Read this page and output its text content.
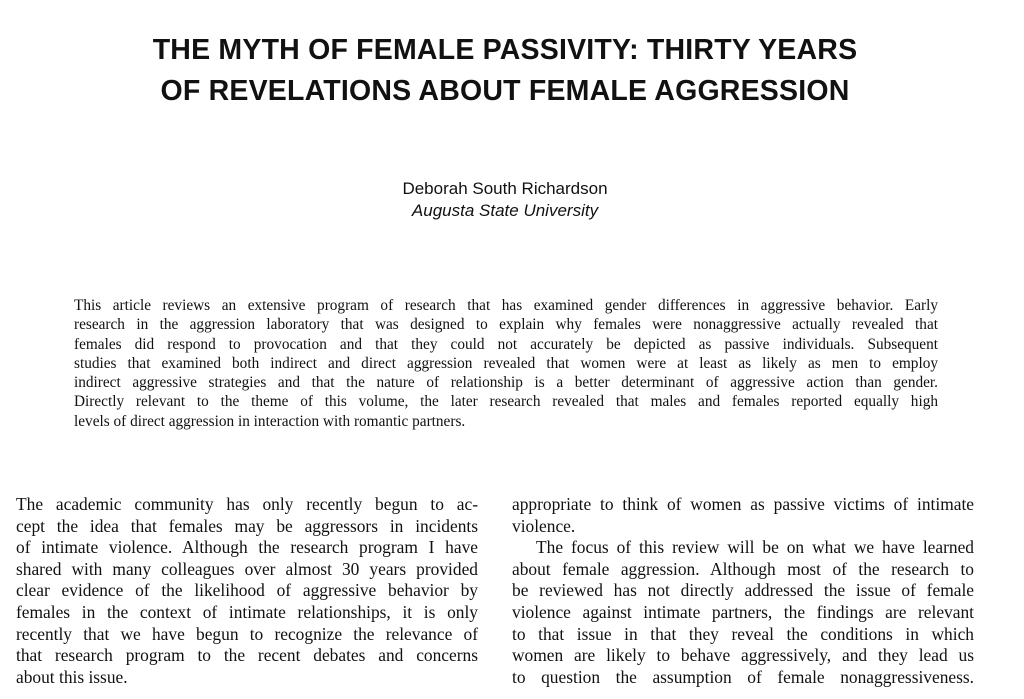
THE MYTH OF FEMALE PASSIVITY: THIRTY YEARS
OF REVELATIONS ABOUT FEMALE AGGRESSION
Deborah South Richardson
Augusta State University
This article reviews an extensive program of research that has examined gender differences in aggressive behavior. Early
research in the aggression laboratory that was designed to explain why females were nonaggressive actually revealed that
females did respond to provocation and that they could not accurately be depicted as passive individuals. Subsequent
studies that examined both indirect and direct aggression revealed that women were at least as likely as men to employ
indirect aggressive strategies and that the nature of relationship is a better determinant of aggressive action than gender.
Directly relevant to the theme of this volume, the later research revealed that males and females reported equally high
levels of direct aggression in interaction with romantic partners.
The academic community has only recently begun to ac-
cept the idea that females may be aggressors in incidents
of intimate violence. Although the research program I have
shared with many colleagues over almost 30 years provided
clear evidence of the likelihood of aggressive behavior by
females in the context of intimate relationships, it is only
recently that we have begun to recognize the relevance of
that research program to the recent debates and concerns
about this issue.
appropriate to think of women as passive victims of intimate
violence.
The focus of this review will be on what we have learned
about female aggression. Although most of the research to
be reviewed has not directly addressed the issue of female
violence against intimate partners, the findings are relevant
to that issue in that they reveal the conditions in which
women are likely to behave aggressively, and they lead us
to question the assumption of female nonaggressiveness.
